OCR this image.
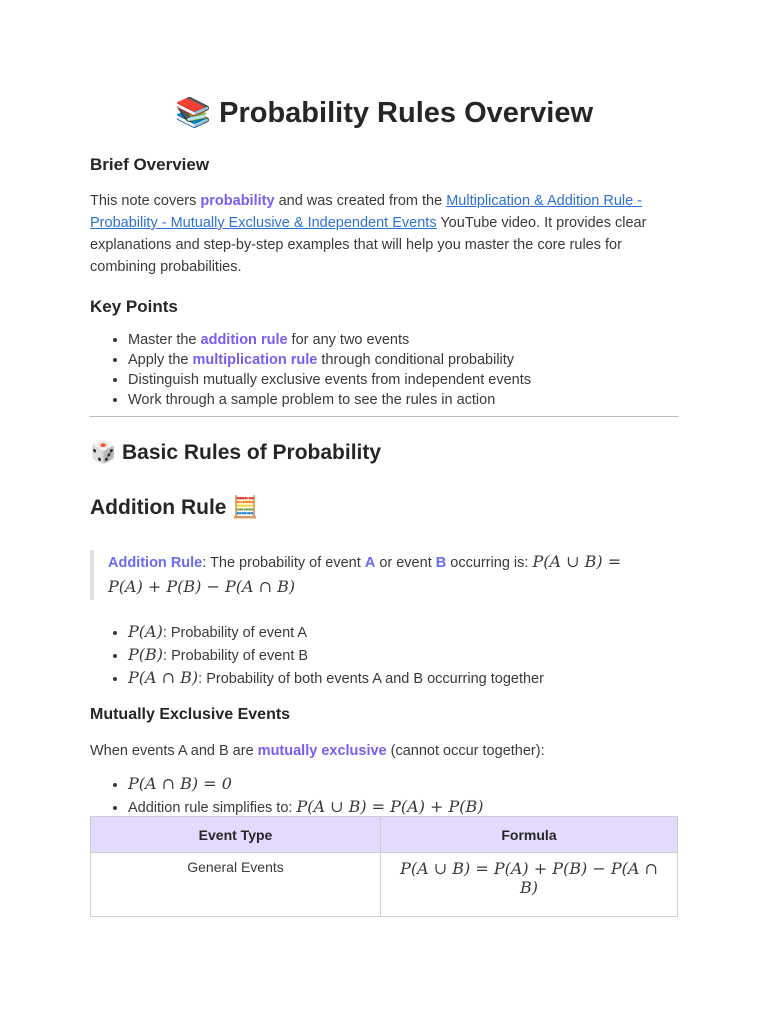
📚 Probability Rules Overview
Brief Overview

This note covers probability and was created from the Multiplication & Addition Rule - Probability - Mutually Exclusive & Independent Events YouTube video. It provides clear explanations and step-by-step examples that will help you master the core rules for combining probabilities.

Key Points
• Master the addition rule for any two events
• Apply the multiplication rule through conditional probability
• Distinguish mutually exclusive events from independent events
• Work through a sample problem to see the rules in action
🎲 Basic Rules of Probability
Addition Rule 🧮
Addition Rule: The probability of event A or event B occurring is: P(A ∪ B) =
P(A) + P(B) − P(A ∩ B)
• P(A): Probability of event A
• P(B): Probability of event B
• P(A ∩ B): Probability of both events A and B occurring together
Mutually Exclusive Events

When events A and B are mutually exclusive (cannot occur together):

• P(A ∩ B) = 0
• Addition rule simplifies to: P(A ∪ B) = P(A) + P(B)
Event Type	Formula
General Events	P(A ∪ B) = P(A) + P(B) − P(A ∩
B)
